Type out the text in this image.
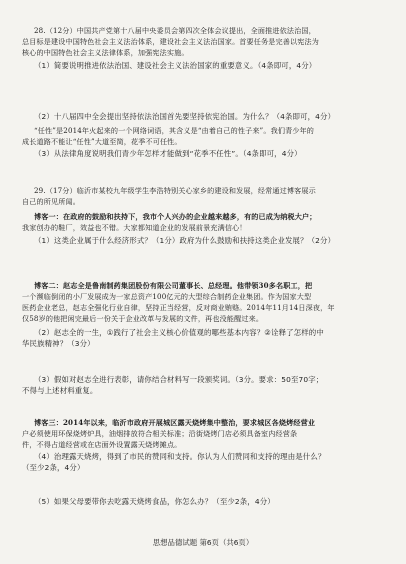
28.（12分）中国共产党第十八届中央委员会第四次全体会议提出，全面推进依法治国，
总目标是建设中国特色社会主义法治体系，建设社会主义法治国家。首要任务是完善以宪法为
核心的中国特色社会主义法律体系，加强宪法实施。
（1）简要说明推进依法治国、建设社会主义法治国家的重要意义。（4条即可，4分）
（2）十八届四中全会提出坚持依法治国首先要坚持依宪治国。为什么？（4条即可，4分）
“任性”是2014年火起来的一个网络词语，其含义是“由着自己的性子来”。我们青少年的
成长道路不能让“任性”大道至简，花季不可任性。
（3）从法律角度说明我们青少年怎样才能做到“花季不任性”。（4条即可，4分）
29.（17分）临沂市某校九年级学生李浩特别关心家乡的建设和发展，经常通过博客展示
自己的所见所闻。
博客一：在政府的鼓励和扶持下，我市个人兴办的企业越来越多，有的已成为纳税大户；
我家创办的鞋厂，效益也不错。大家都知道企业的发展前景充满信心！
（1）这类企业属于什么经济形式？（1分）政府为什么鼓励和扶持这类企业发展？（2分）
博客二：赵志全是鲁南制药集团股份有限公司董事长、总经理。他带领30多名职工，把
一个濒临倒闭的小厂发展成为一家总资产100亿元的大型综合制药企业集团。作为国家大型
医药企业老总，赵志全强化行业自律，坚持正当经营，反对商业贿赂。2014年11月14日深夜，年
仅58岁的他把闲完最后一份关于企业改革与发展的文件，再也没能醒过来。
（2）赵志全的一生，①践行了社会主义核心价值观的哪些基本内容？②诠释了怎样的中
华民族精神？（3分）
（3）假如对赵志全进行表彰，请你结合材料写一段颁奖词。（3分。要求：50至70字；
不得与上述材料重复。
博客三：2014年以来，临沂市政府开展城区露天烧烤集中整治，要求城区各烧烤经营业
户必须使用环保烧烤炉具，油烟排放符合相关标准；沿街烧烤门店必须具备室内经营条
件，不得占道经营或在店面外设置露天烧烤摊点。
（4）治理露天烧烤，得到了市民的赞同和支持。你认为人们赞同和支持的理由是什么？
（至少2条，4分）
（5）如果父母要带你去吃露天烧烤食品，你怎么办？（至少2条，4分）
思想品德试题 第6页（共6页）
